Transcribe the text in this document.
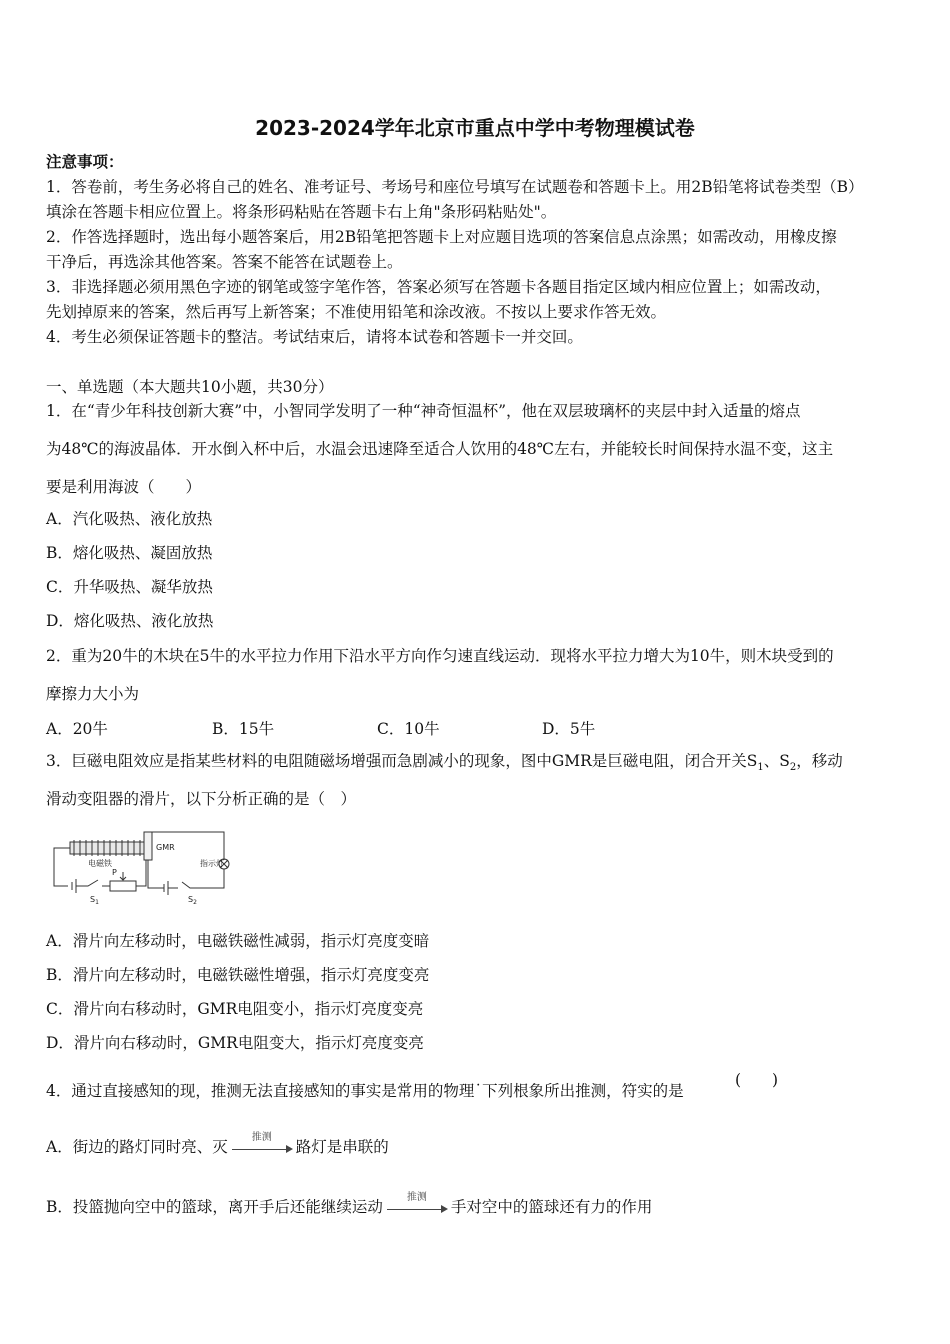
2023-2024学年北京市重点中学中考物理模试卷
注意事项：
1．答卷前，考生务必将自己的姓名、准考证号、考场号和座位号填写在试题卷和答题卡上。用2B铅笔将试卷类型（B）
填涂在答题卡相应位置上。将条形码粘贴在答题卡右上角"条形码粘贴处"。
2．作答选择题时，选出每小题答案后，用2B铅笔把答题卡上对应题目选项的答案信息点涂黑；如需改动，用橡皮擦
干净后，再选涂其他答案。答案不能答在试题卷上。
3．非选择题必须用黑色字迹的钢笔或签字笔作答，答案必须写在答题卡各题目指定区域内相应位置上；如需改动，
先划掉原来的答案，然后再写上新答案；不准使用铅笔和涂改液。不按以上要求作答无效。
4．考生必须保证答题卡的整洁。考试结束后，请将本试卷和答题卡一并交回。
一、单选题（本大题共10小题，共30分）
1．在“青少年科技创新大赛”中，小智同学发明了一种“神奇恒温杯”，他在双层玻璃杯的夹层中封入适量的熔点
为48℃的海波晶体．开水倒入杯中后，水温会迅速降至适合人饮用的48℃左右，并能较长时间保持水温不变，这主
要是利用海波（　　）
A．汽化吸热、液化放热
B．熔化吸热、凝固放热
C．升华吸热、凝华放热
D．熔化吸热、液化放热
2．重为20牛的木块在5牛的水平拉力作用下沿水平方向作匀速直线运动．现将水平拉力增大为10牛，则木块受到的
摩擦力大小为
A．20牛	B．15牛	C．10牛	D．5牛
3．巨磁电阻效应是指某些材料的电阻随磁场增强而急剧减小的现象，图中GMR是巨磁电阻，闭合开关$S_1$、$S_2$，移动
滑动变阻器的滑片，以下分析正确的是（　）
电磁铁
GMR
指示灯
P
$S_1$	$S_2$
A．滑片向左移动时，电磁铁磁性减弱，指示灯亮度变暗
B．滑片向左移动时，电磁铁磁性增强，指示灯亮度变亮
C．滑片向右移动时，GMR电阻变小，指示灯亮度变亮
D．滑片向右移动时，GMR电阻变大，指示灯亮度变亮
4．通过直接感知的现，推测无法直接感知的事实是常用的物理˙下列根象所出推测，符实的是
(　　)
A．街边的路灯同时亮、灭
推测
路灯是串联的
B．投篮抛向空中的篮球，离开手后还能继续运动
推测
手对空中的篮球还有力的作用
